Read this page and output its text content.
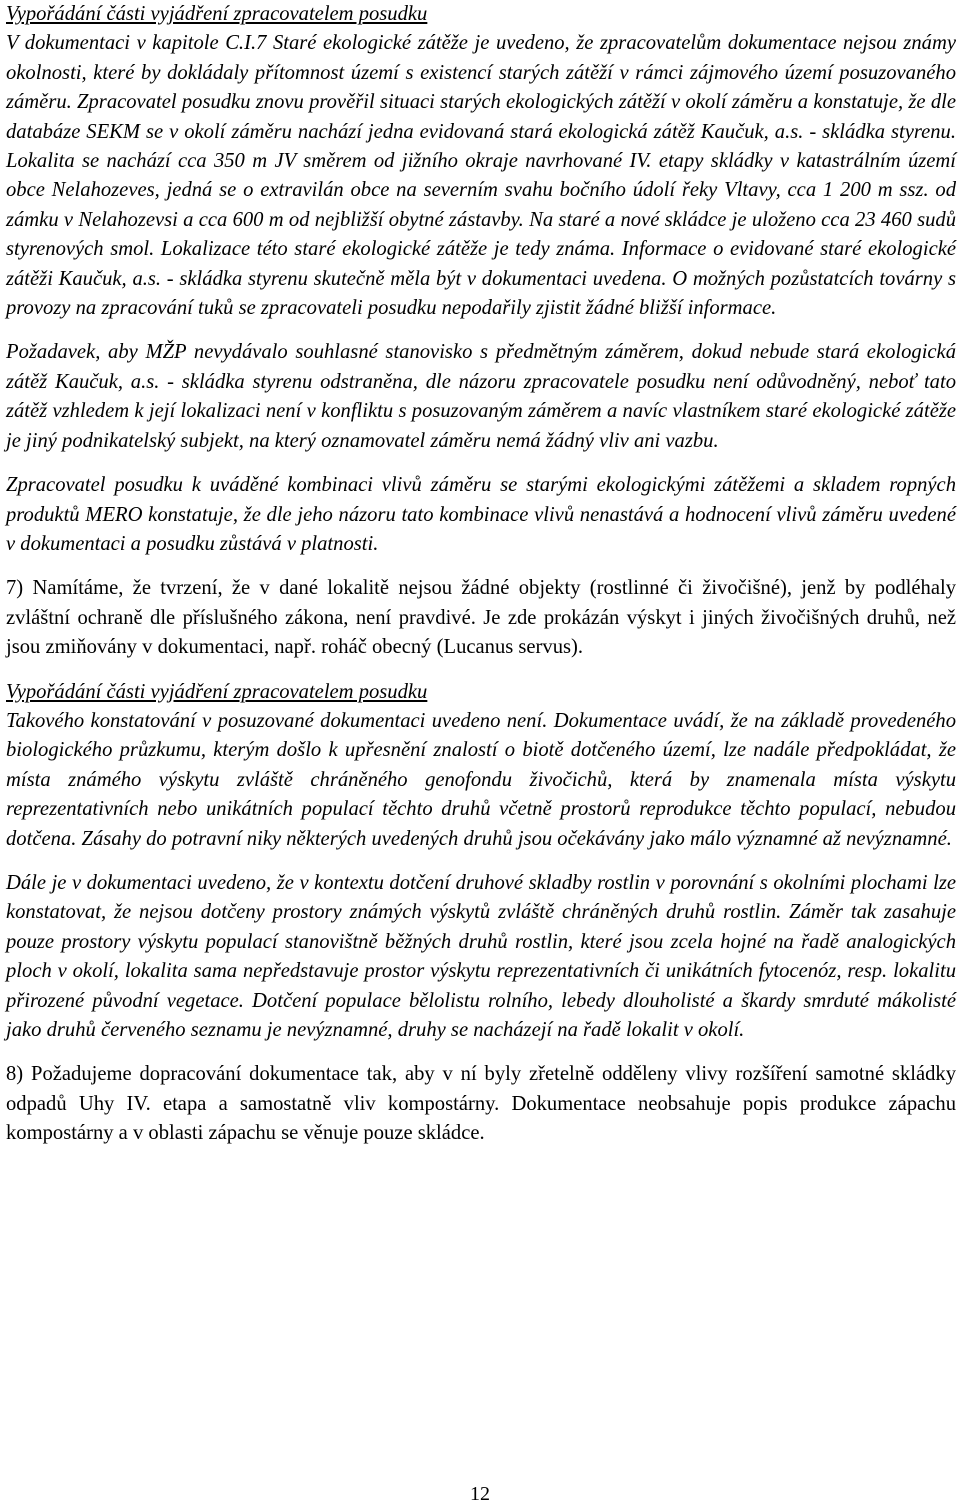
Vypořádání části vyjádření zpracovatelem posudku

V dokumentaci v kapitole C.I.7 Staré ekologické zátěže je uvedeno, že zpracovatelům dokumentace nejsou známy okolnosti, které by dokládaly přítomnost území s existencí starých zátěží v rámci zájmového území posuzovaného záměru. Zpracovatel posudku znovu prověřil situaci starých ekologických zátěží v okolí záměru a konstatuje, že dle databáze SEKM se v okolí záměru nachází jedna evidovaná stará ekologická zátěž Kaučuk, a.s. - skládka styrenu. Lokalita se nachází cca 350 m JV směrem od jižního okraje navrhované IV. etapy skládky v katastrálním území obce Nelahozeves, jedná se o extravilán obce na severním svahu bočního údolí řeky Vltavy, cca 1 200 m ssz. od zámku v Nelahozevsi a cca 600 m od nejbližší obytné zástavby. Na staré a nové skládce je uloženo cca 23 460 sudů styrenových smol. Lokalizace této staré ekologické zátěže je tedy známa. Informace o evidované staré ekologické zátěži Kaučuk, a.s. - skládka styrenu skutečně měla být v dokumentaci uvedena. O možných pozůstatcích továrny s provozy na zpracování tuků se zpracovateli posudku nepodařily zjistit žádné bližší informace.

Požadavek, aby MŽP nevydávalo souhlasné stanovisko s předmětným záměrem, dokud nebude stará ekologická zátěž Kaučuk, a.s. - skládka styrenu odstraněna, dle názoru zpracovatele posudku není odůvodněný, neboť tato zátěž vzhledem k její lokalizaci není v konfliktu s posuzovaným záměrem a navíc vlastníkem staré ekologické zátěže je jiný podnikatelský subjekt, na který oznamovatel záměru nemá žádný vliv ani vazbu.

Zpracovatel posudku k uváděné kombinaci vlivů záměru se starými ekologickými zátěžemi a skladem ropných produktů MERO konstatuje, že dle jeho názoru tato kombinace vlivů nenastává a hodnocení vlivů záměru uvedené v dokumentaci a posudku zůstává v platnosti.

7) Namítáme, že tvrzení, že v dané lokalitě nejsou žádné objekty (rostlinné či živočišné), jenž by podléhaly zvláštní ochraně dle příslušného zákona, není pravdivé. Je zde prokázán výskyt i jiných živočišných druhů, než jsou zmiňovány v dokumentaci, např. roháč obecný (Lucanus servus).

Vypořádání části vyjádření zpracovatelem posudku

Takového konstatování v posuzované dokumentaci uvedeno není. Dokumentace uvádí, že na základě provedeného biologického průzkumu, kterým došlo k upřesnění znalostí o biotě dotčeného území, lze nadále předpokládat, že místa známého výskytu zvláště chráněného genofondu živočichů, která by znamenala místa výskytu reprezentativních nebo unikátních populací těchto druhů včetně prostorů reprodukce těchto populací, nebudou dotčena. Zásahy do potravní niky některých uvedených druhů jsou očekávány jako málo významné až nevýznamné.

Dále je v dokumentaci uvedeno, že v kontextu dotčení druhové skladby rostlin v porovnání s okolními plochami lze konstatovat, že nejsou dotčeny prostory známých výskytů zvláště chráněných druhů rostlin. Záměr tak zasahuje pouze prostory výskytu populací stanovištně běžných druhů rostlin, které jsou zcela hojné na řadě analogických ploch v okolí, lokalita sama nepředstavuje prostor výskytu reprezentativních či unikátních fytocenóz, resp. lokalitu přirozené původní vegetace. Dotčení populace bělolistu rolního, lebedy dlouholisté a škardy smrduté mákolisté jako druhů červeného seznamu je nevýznamné, druhy se nacházejí na řadě lokalit v okolí.

8) Požadujeme dopracování dokumentace tak, aby v ní byly zřetelně odděleny vlivy rozšíření samotné skládky odpadů Uhy IV. etapa a samostatně vliv kompostárny. Dokumentace neobsahuje popis produkce zápachu kompostárny a v oblasti zápachu se věnuje pouze skládce.

12
